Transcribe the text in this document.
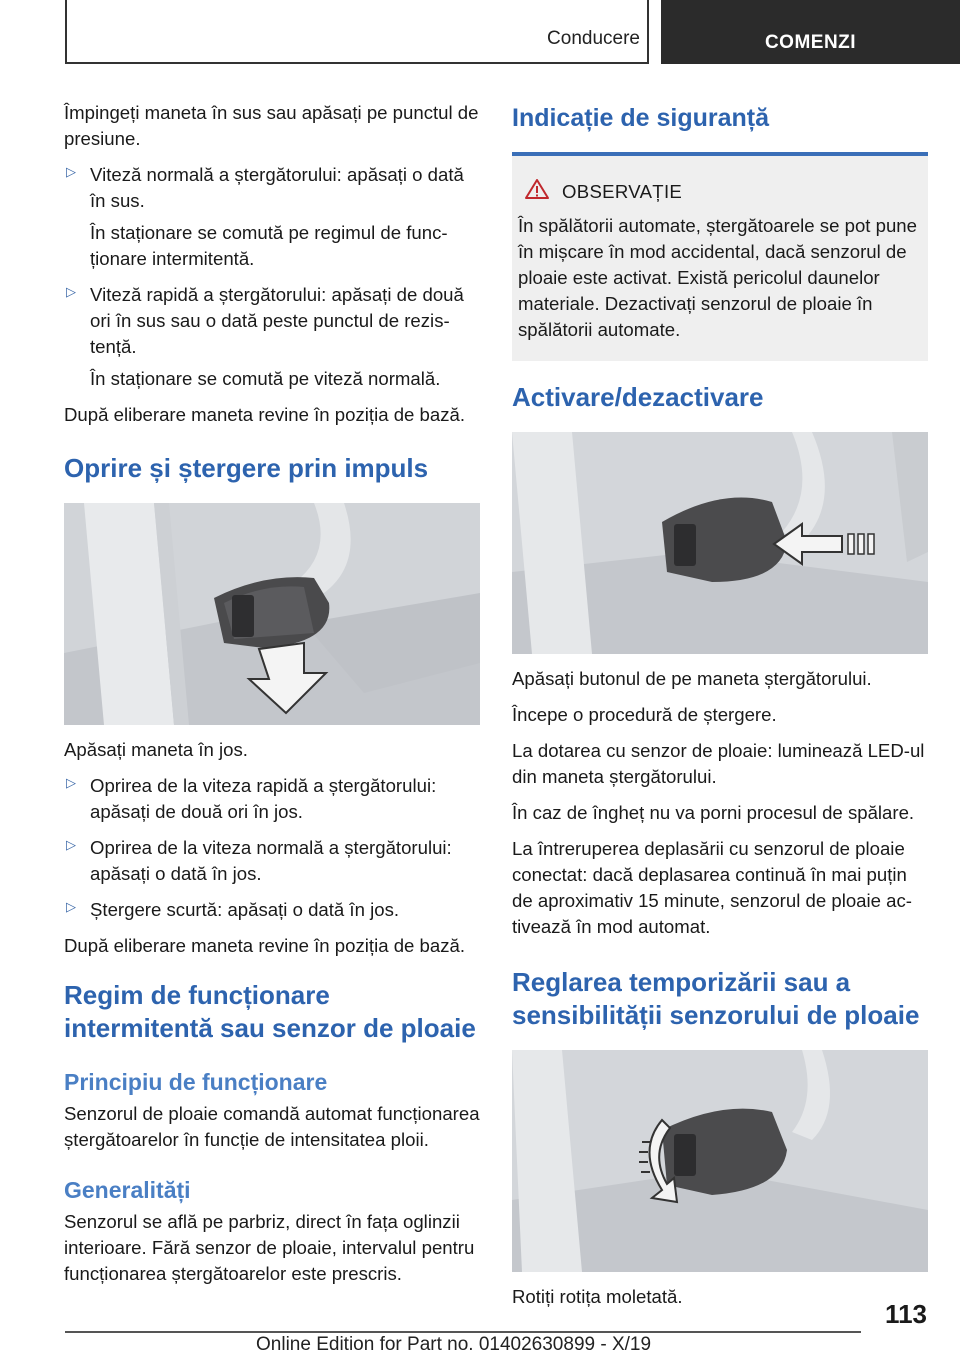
Conducere	COMENZI

Împingeți maneta în sus sau apăsați pe punctul de presiune.

▷ Viteză normală a ștergătorului: apăsați o dată în sus.

În staționare se comută pe regimul de funcționare intermitentă.

▷ Viteză rapidă a ștergătorului: apăsați de două ori în sus sau o dată peste punctul de rezistență.

În staționare se comută pe viteză normală.

După eliberare maneta revine în poziția de bază.

Oprire și ștergere prin impuls

Apăsați maneta în jos.

▷ Oprirea de la viteza rapidă a ștergătorului: apăsați de două ori în jos.

▷ Oprirea de la viteza normală a ștergătorului: apăsați o dată în jos.

▷ Ștergere scurtă: apăsați o dată în jos.

După eliberare maneta revine în poziția de bază.

Regim de funcționare intermitentă sau senzor de ploaie
Principiu de funcționare

Senzorul de ploaie comandă automat funcționarea ștergătoarelor în funcție de intensitatea ploii.

Generalități

Senzorul se află pe parbriz, direct în fața oglinzii interioare. Fără senzor de ploaie, intervalul pentru funcționarea ștergătoarelor este prescris.

Indicație de siguranță
OBSERVAȚIE

În spălătorii automate, ștergătoarele se pot pune în mișcare în mod accidental, dacă senzorul de ploaie este activat. Există pericolul daunelor materiale. Dezactivați senzorul de ploaie în spălătorii automate.

Activare/dezactivare

Apăsați butonul de pe maneta ștergătorului.

Începe o procedură de ștergere.

La dotarea cu senzor de ploaie: luminează LED-ul din maneta ștergătorului.

În caz de îngheț nu va porni procesul de spălare.

La întreruperea deplasării cu senzorul de ploaie conectat: dacă deplasarea continuă în mai puțin de aproximativ 15 minute, senzorul de ploaie activează în mod automat.

Reglarea temporizării sau a sensibilității senzorului de ploaie

Rotiți rotița moletată.

113
Online Edition for Part no. 01402630899 - X/19
